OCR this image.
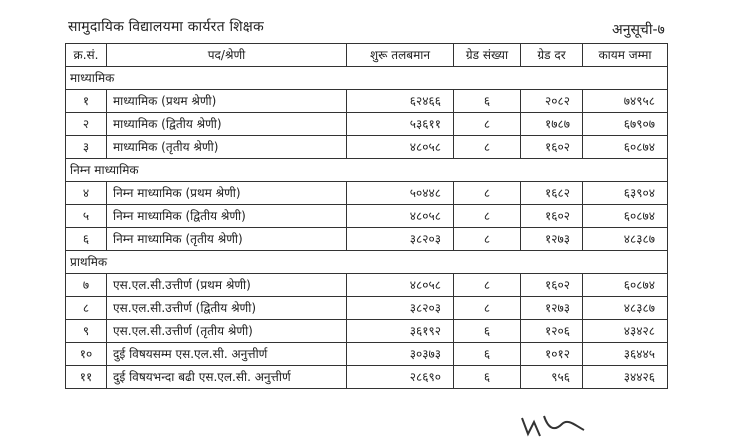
सामुदायिक विद्यालयमा कार्यरत शिक्षक	अनुसूची-७
क्र.सं.	पद/श्रेणी	शुरू तलबमान	ग्रेड संख्या	ग्रेड दर	कायम जम्मा
माध्यामिक					
१	माध्यामिक (प्रथम श्रेणी)	६२४६६	६	२०८२	७४९५८
२	माध्यामिक (द्वितीय श्रेणी)	५३६११	८	१७८७	६७९०७
३	माध्यामिक (तृतीय श्रेणी)	४८०५८	८	१६०२	६०८७४
निम्न माध्यामिक					
४	निम्न माध्यामिक (प्रथम श्रेणी)	५०४४८	८	१६८२	६३९०४
५	निम्न माध्यामिक (द्वितीय श्रेणी)	४८०५८	८	१६०२	६०८७४
६	निम्न माध्यामिक (तृतीय श्रेणी)	३८२०३	८	१२७३	४८३८७
प्राथमिक					
७	एस.एल.सी.उत्तीर्ण (प्रथम श्रेणी)	४८०५८	८	१६०२	६०८७४
८	एस.एल.सी.उत्तीर्ण (द्वितीय श्रेणी)	३८२०३	८	१२७३	४८३८७
९	एस.एल.सी.उत्तीर्ण (तृतीय श्रेणी)	३६१९२	६	१२०६	४३४२८
१०	दुई विषयसम्म एस.एल.सी. अनुत्तीर्ण	३०३७३	६	१०१२	३६४४५
११	दुई विषयभन्दा बढी एस.एल.सी. अनुत्तीर्ण	२८६९०	६	९५६	३४४२६
